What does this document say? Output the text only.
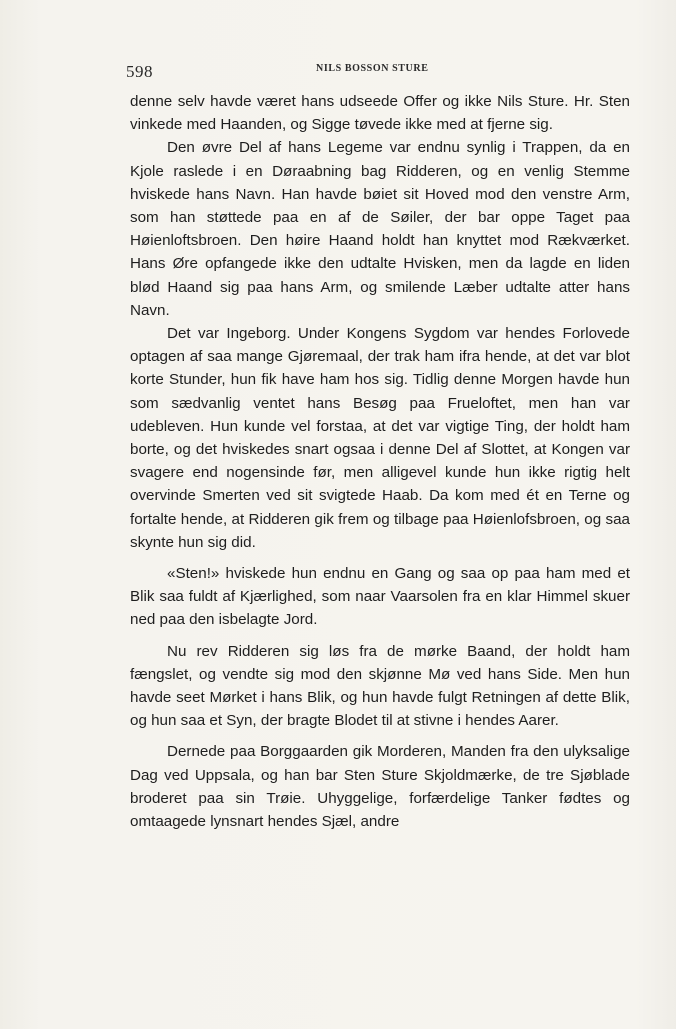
598	NILS BOSSON STURE

denne selv havde været hans udseede Offer og ikke Nils Sture. Hr. Sten vinkede med Haanden, og Sigge tøvede ikke med at fjerne sig.

Den øvre Del af hans Legeme var endnu synlig i Trappen, da en Kjole raslede i en Døraabning bag Ridderen, og en venlig Stemme hviskede hans Navn. Han havde bøiet sit Hoved mod den venstre Arm, som han støttede paa en af de Søiler, der bar oppe Taget paa Høienloftsbroen. Den høire Haand holdt han knyttet mod Rækværket. Hans Øre opfangede ikke den udtalte Hvisken, men da lagde en liden blød Haand sig paa hans Arm, og smilende Læber udtalte atter hans Navn.

Det var Ingeborg. Under Kongens Sygdom var hendes Forlovede optagen af saa mange Gjøremaal, der trak ham ifra hende, at det var blot korte Stunder, hun fik have ham hos sig. Tidlig denne Morgen havde hun som sædvanlig ventet hans Besøg paa Frueloftet, men han var udebleven. Hun kunde vel forstaa, at det var vigtige Ting, der holdt ham borte, og det hviskedes snart ogsaa i denne Del af Slottet, at Kongen var svagere end nogensinde før, men alligevel kunde hun ikke rigtig helt overvinde Smerten ved sit svigtede Haab. Da kom med ét en Terne og fortalte hende, at Ridderen gik frem og tilbage paa Høienlofsbroen, og saa skynte hun sig did.

«Sten!» hviskede hun endnu en Gang og saa op paa ham med et Blik saa fuldt af Kjærlighed, som naar Vaarsolen fra en klar Himmel skuer ned paa den isbelagte Jord.

Nu rev Ridderen sig løs fra de mørke Baand, der holdt ham fængslet, og vendte sig mod den skjønne Mø ved hans Side. Men hun havde seet Mørket i hans Blik, og hun havde fulgt Retningen af dette Blik, og hun saa et Syn, der bragte Blodet til at stivne i hendes Aarer.

Dernede paa Borggaarden gik Morderen, Manden fra den ulyksalige Dag ved Uppsala, og han bar Sten Sture Skjoldmærke, de tre Sjøblade broderet paa sin Trøie. Uhyggelige, forfærdelige Tanker fødtes og omtaagede lynsnart hendes Sjæl, andre
